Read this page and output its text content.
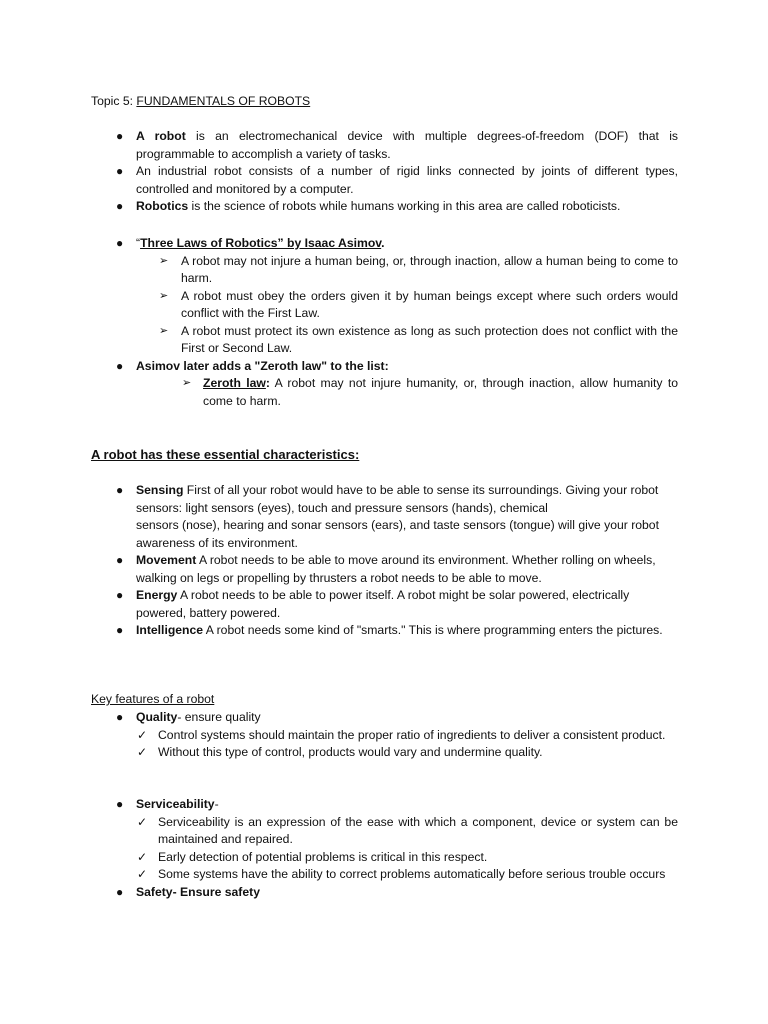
Topic 5: FUNDAMENTALS OF ROBOTS
● A robot is an electromechanical device with multiple degrees-of-freedom (DOF) that is programmable to accomplish a variety of tasks.
● An industrial robot consists of a number of rigid links connected by joints of different types, controlled and monitored by a computer.
● Robotics is the science of robots while humans working in this area are called roboticists.
● “Three Laws of Robotics” by Isaac Asimov.
➢ A robot may not injure a human being, or, through inaction, allow a human being to come to harm.
➢ A robot must obey the orders given it by human beings except where such orders would conflict with the First Law.
➢ A robot must protect its own existence as long as such protection does not conflict with the First or Second Law.
● Asimov later adds a "Zeroth law" to the list:
➢ Zeroth law: A robot may not injure humanity, or, through inaction, allow humanity to come to harm.
A robot has these essential characteristics:
● Sensing First of all your robot would have to be able to sense its surroundings. Giving your robot sensors: light sensors (eyes), touch and pressure sensors (hands), chemical
sensors (nose), hearing and sonar sensors (ears), and taste sensors (tongue) will give your robot awareness of its environment.
● Movement A robot needs to be able to move around its environment. Whether rolling on wheels, walking on legs or propelling by thrusters a robot needs to be able to move.
● Energy A robot needs to be able to power itself. A robot might be solar powered, electrically powered, battery powered.
● Intelligence A robot needs some kind of "smarts." This is where programming enters the pictures.
Key features of a robot
● Quality- ensure quality
✓ Control systems should maintain the proper ratio of ingredients to deliver a consistent product.
✓ Without this type of control, products would vary and undermine quality.
● Serviceability-
✓ Serviceability is an expression of the ease with which a component, device or system can be maintained and repaired.
✓ Early detection of potential problems is critical in this respect.
✓ Some systems have the ability to correct problems automatically before serious trouble occurs
● Safety- Ensure safety
